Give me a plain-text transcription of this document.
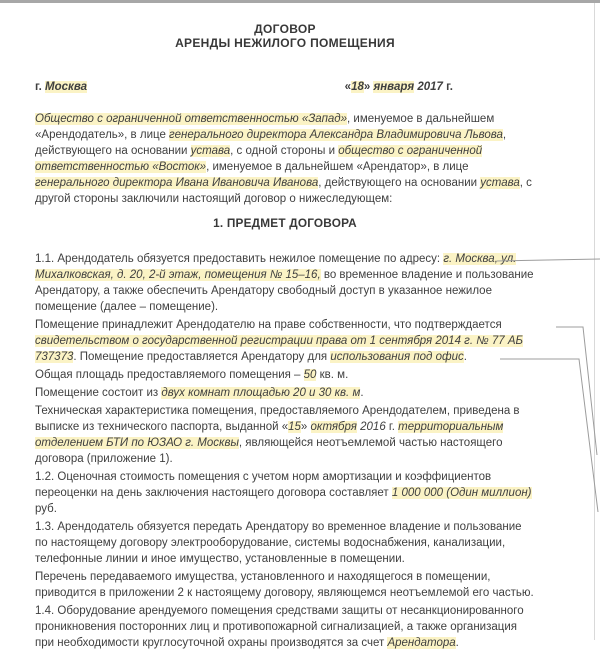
ДОГОВОР
АРЕНДЫ НЕЖИЛОГО ПОМЕЩЕНИЯ
г. Москва	«18» января 2017 г.

Общество с ограниченной ответственностью «Запад», именуемое в дальнейшем «Арендодатель», в лице генерального директора Александра Владимировича Львова, действующего на основании устава, с одной стороны и общество с ограниченной ответственностью «Восток», именуемое в дальнейшем «Арендатор», в лице генерального директора Ивана Ивановича Иванова, действующего на основании устава, с другой стороны заключили настоящий договор о нижеследующем:

1. ПРЕДМЕТ ДОГОВОРА

1.1. Арендодатель обязуется предоставить нежилое помещение по адресу: г. Москва, ул. Михалковская, д. 20, 2-й этаж, помещения № 15–16, во временное владение и пользование Арендатору, а также обеспечить Арендатору свободный доступ в указанное нежилое помещение (далее – помещение).

Помещение принадлежит Арендодателю на праве собственности, что подтверждается свидетельством о государственной регистрации права от 1 сентября 2014 г. № 77 АБ 737373. Помещение предоставляется Арендатору для использования под офис.

Общая площадь предоставляемого помещения – 50 кв. м.

Помещение состоит из двух комнат площадью 20 и 30 кв. м.

Техническая характеристика помещения, предоставляемого Арендодателем, приведена в выписке из технического паспорта, выданной «15» октября 2016 г. территориальным отделением БТИ по ЮЗАО г. Москвы, являющейся неотъемлемой частью настоящего договора (приложение 1).

1.2. Оценочная стоимость помещения с учетом норм амортизации и коэффициентов переоценки на день заключения настоящего договора составляет 1 000 000 (Один миллион) руб.

1.3. Арендодатель обязуется передать Арендатору во временное владение и пользование по настоящему договору электрооборудование, системы водоснабжения, канализации, телефонные линии и иное имущество, установленные в помещении.

Перечень передаваемого имущества, установленного и находящегося в помещении, приводится в приложении 2 к настоящему договору, являющемся неотъемлемой его частью.

1.4. Оборудование арендуемого помещения средствами защиты от несанкционированного проникновения посторонних лиц и противопожарной сигнализацией, а также организация при необходимости круглосуточной охраны производятся за счет Арендатора.
